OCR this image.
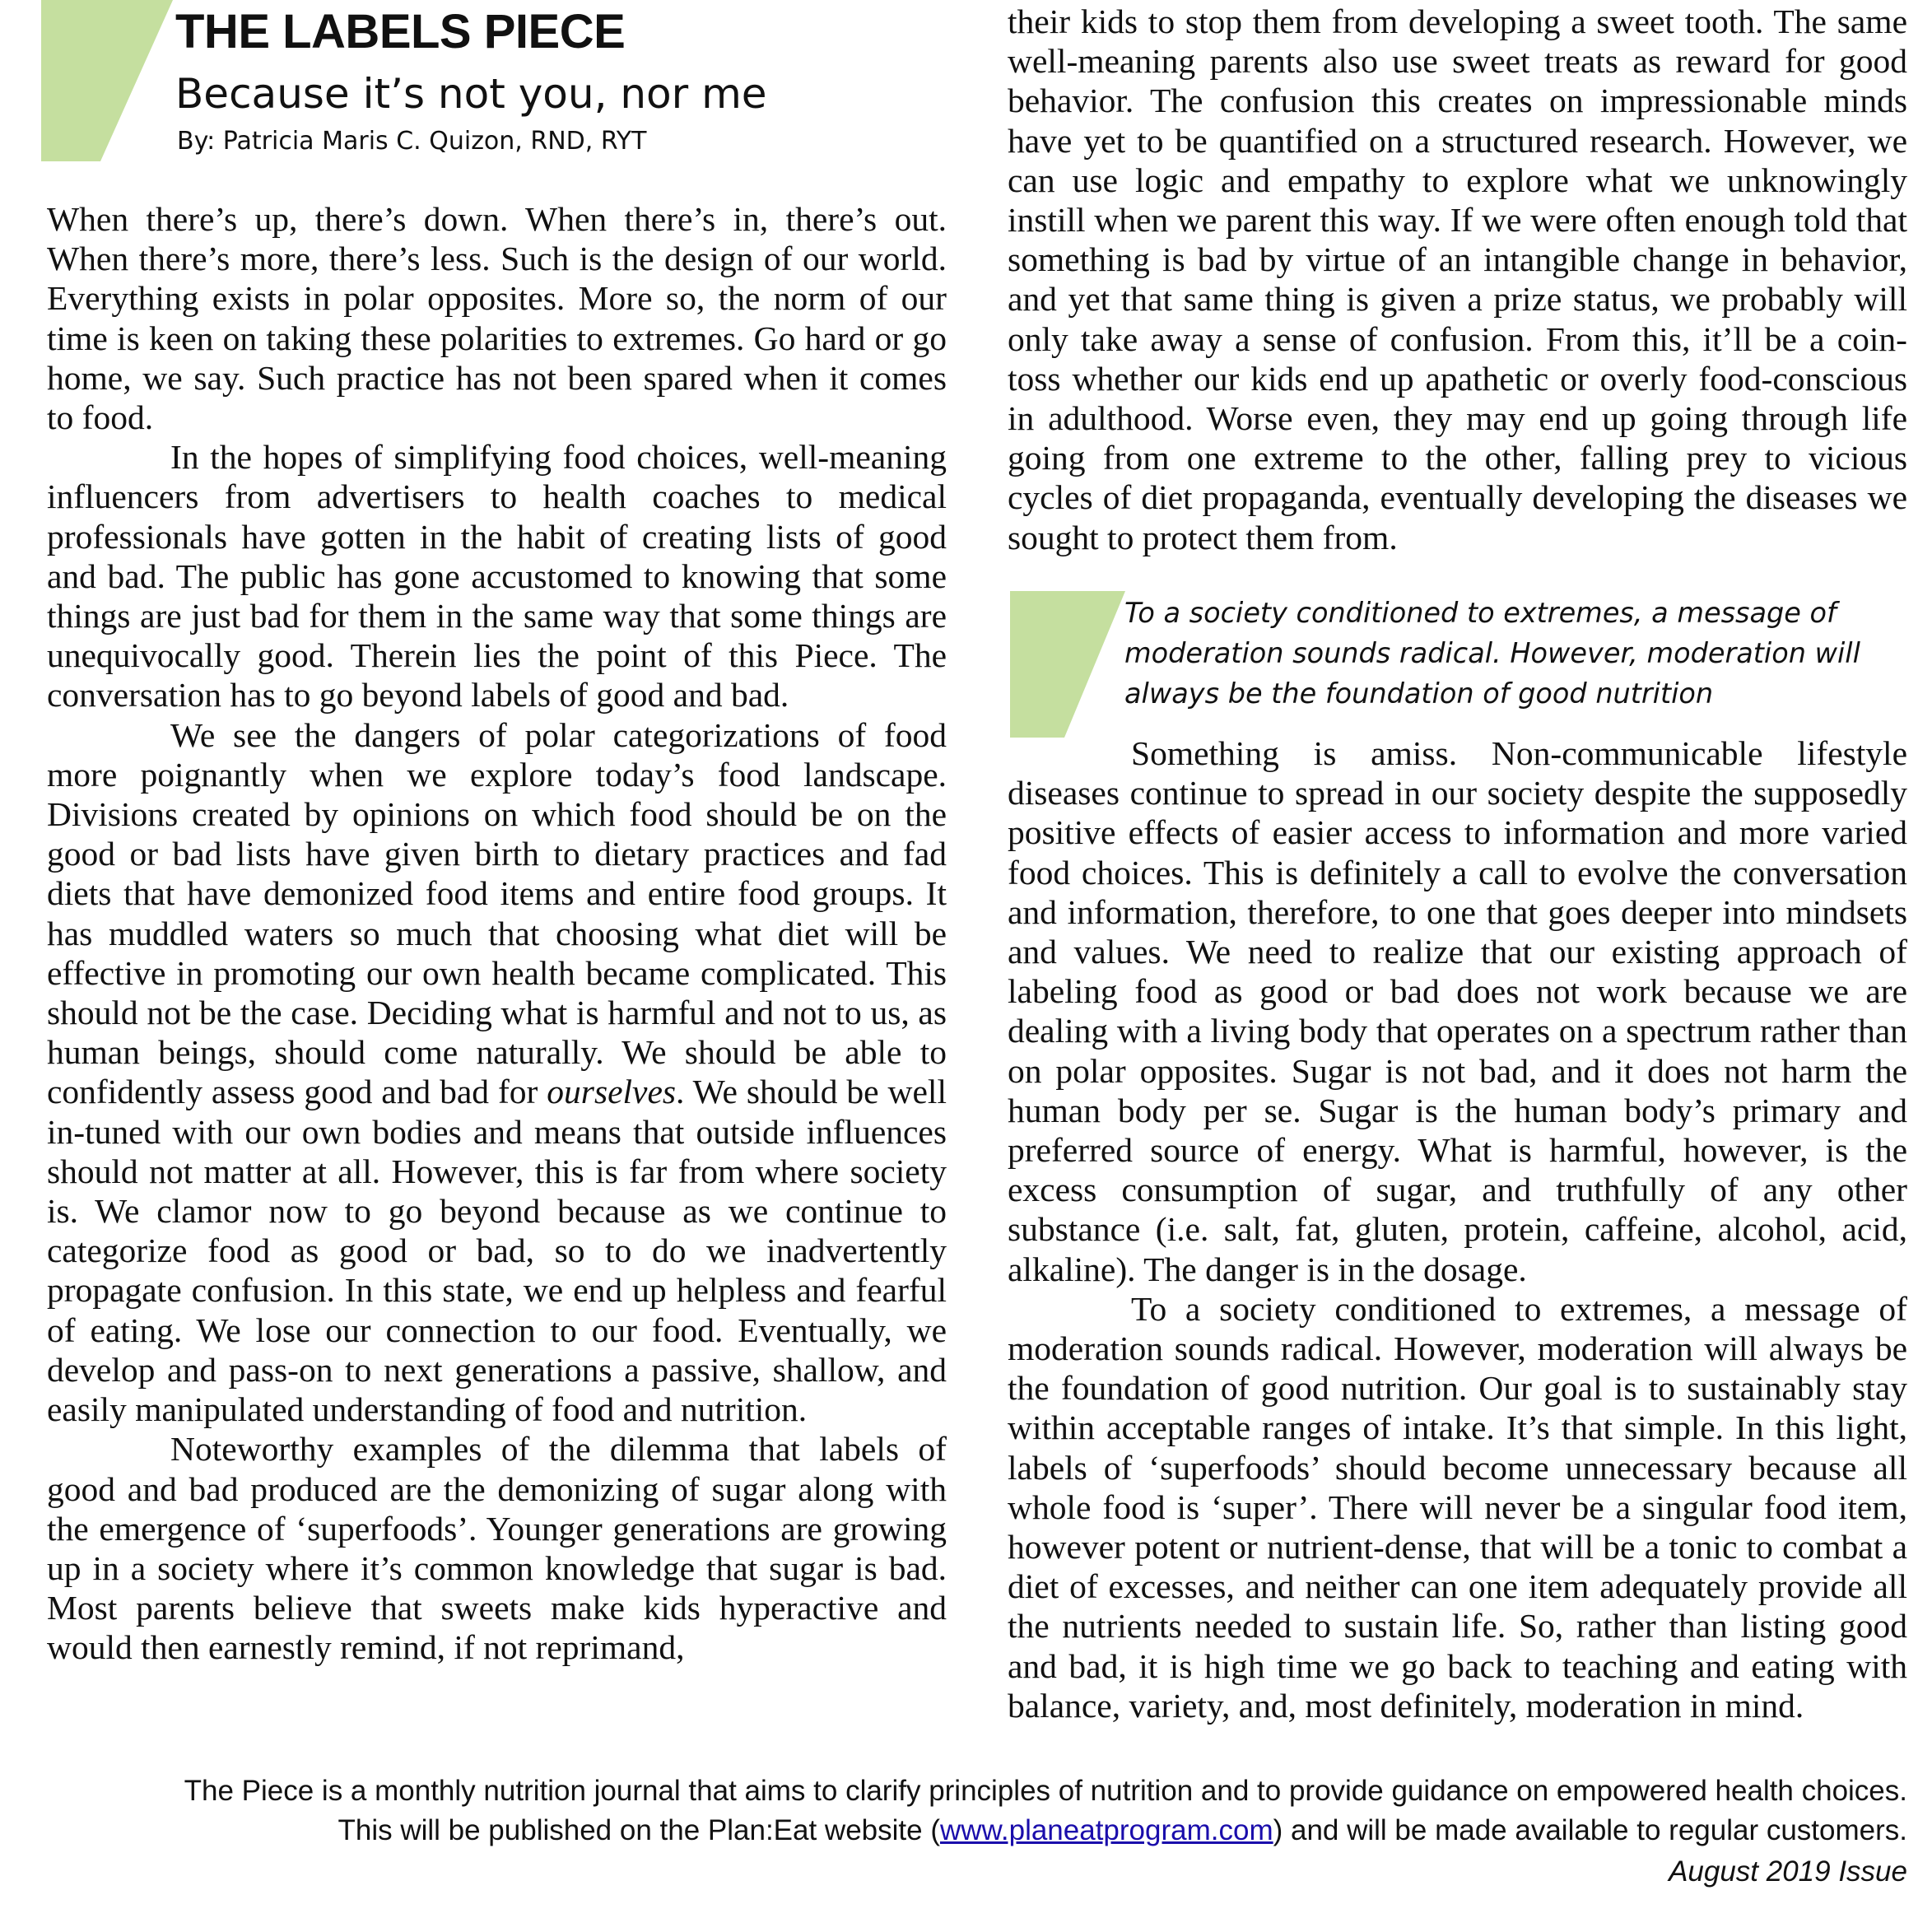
THE LABELS PIECE
Because it’s not you, nor me
By: Patricia Maris C. Quizon, RND, RYT

When there’s up, there’s down. When there’s in, there’s out. When there’s more, there’s less. Such is the design of our world. Everything exists in polar opposites. More so, the norm of our time is keen on taking these polarities to extremes. Go hard or go home, we say. Such practice has not been spared when it comes to food.

In the hopes of simplifying food choices, well-meaning influencers from advertisers to health coaches to medical professionals have gotten in the habit of creating lists of good and bad. The public has gone accustomed to knowing that some things are just bad for them in the same way that some things are unequivocally good. Therein lies the point of this Piece. The conversation has to go beyond labels of good and bad.

We see the dangers of polar categorizations of food more poignantly when we explore today’s food landscape. Divisions created by opinions on which food should be on the good or bad lists have given birth to dietary practices and fad diets that have demonized food items and entire food groups. It has muddled waters so much that choosing what diet will be effective in promoting our own health became complicated. This should not be the case. Deciding what is harmful and not to us, as human beings, should come naturally. We should be able to confidently assess good and bad for ourselves. We should be well in-tuned with our own bodies and means that outside influences should not matter at all. However, this is far from where society is. We clamor now to go beyond because as we continue to categorize food as good or bad, so to do we inadvertently propagate confusion. In this state, we end up helpless and fearful of eating. We lose our connection to our food. Eventually, we develop and pass-on to next generations a passive, shallow, and easily manipulated understanding of food and nutrition.

Noteworthy examples of the dilemma that labels of good and bad produced are the demonizing of sugar along with the emergence of ‘superfoods’. Younger generations are growing up in a society where it’s common knowledge that sugar is bad. Most parents believe that sweets make kids hyperactive and would then earnestly remind, if not reprimand,

their kids to stop them from developing a sweet tooth. The same well-meaning parents also use sweet treats as reward for good behavior. The confusion this creates on impressionable minds have yet to be quantified on a structured research. However, we can use logic and empathy to explore what we unknowingly instill when we parent this way. If we were often enough told that something is bad by virtue of an intangible change in behavior, and yet that same thing is given a prize status, we probably will only take away a sense of confusion. From this, it’ll be a coin-toss whether our kids end up apathetic or overly food-conscious in adulthood. Worse even, they may end up going through life going from one extreme to the other, falling prey to vicious cycles of diet propaganda, eventually developing the diseases we sought to protect them from.

To a society conditioned to extremes, a message of moderation sounds radical. However, moderation will always be the foundation of good nutrition

Something is amiss. Non-communicable lifestyle diseases continue to spread in our society despite the supposedly positive effects of easier access to information and more varied food choices. This is definitely a call to evolve the conversation and information, therefore, to one that goes deeper into mindsets and values. We need to realize that our existing approach of labeling food as good or bad does not work because we are dealing with a living body that operates on a spectrum rather than on polar opposites. Sugar is not bad, and it does not harm the human body per se. Sugar is the human body’s primary and preferred source of energy. What is harmful, however, is the excess consumption of sugar, and truthfully of any other substance (i.e. salt, fat, gluten, protein, caffeine, alcohol, acid, alkaline). The danger is in the dosage.

To a society conditioned to extremes, a message of moderation sounds radical. However, moderation will always be the foundation of good nutrition. Our goal is to sustainably stay within acceptable ranges of intake. It’s that simple. In this light, labels of ‘superfoods’ should become unnecessary because all whole food is ‘super’. There will never be a singular food item, however potent or nutrient-dense, that will be a tonic to combat a diet of excesses, and neither can one item adequately provide all the nutrients needed to sustain life. So, rather than listing good and bad, it is high time we go back to teaching and eating with balance, variety, and, most definitely, moderation in mind.

The Piece is a monthly nutrition journal that aims to clarify principles of nutrition and to provide guidance on empowered health choices.
This will be published on the Plan:Eat website (www.planeatprogram.com) and will be made available to regular customers.
August 2019 Issue
